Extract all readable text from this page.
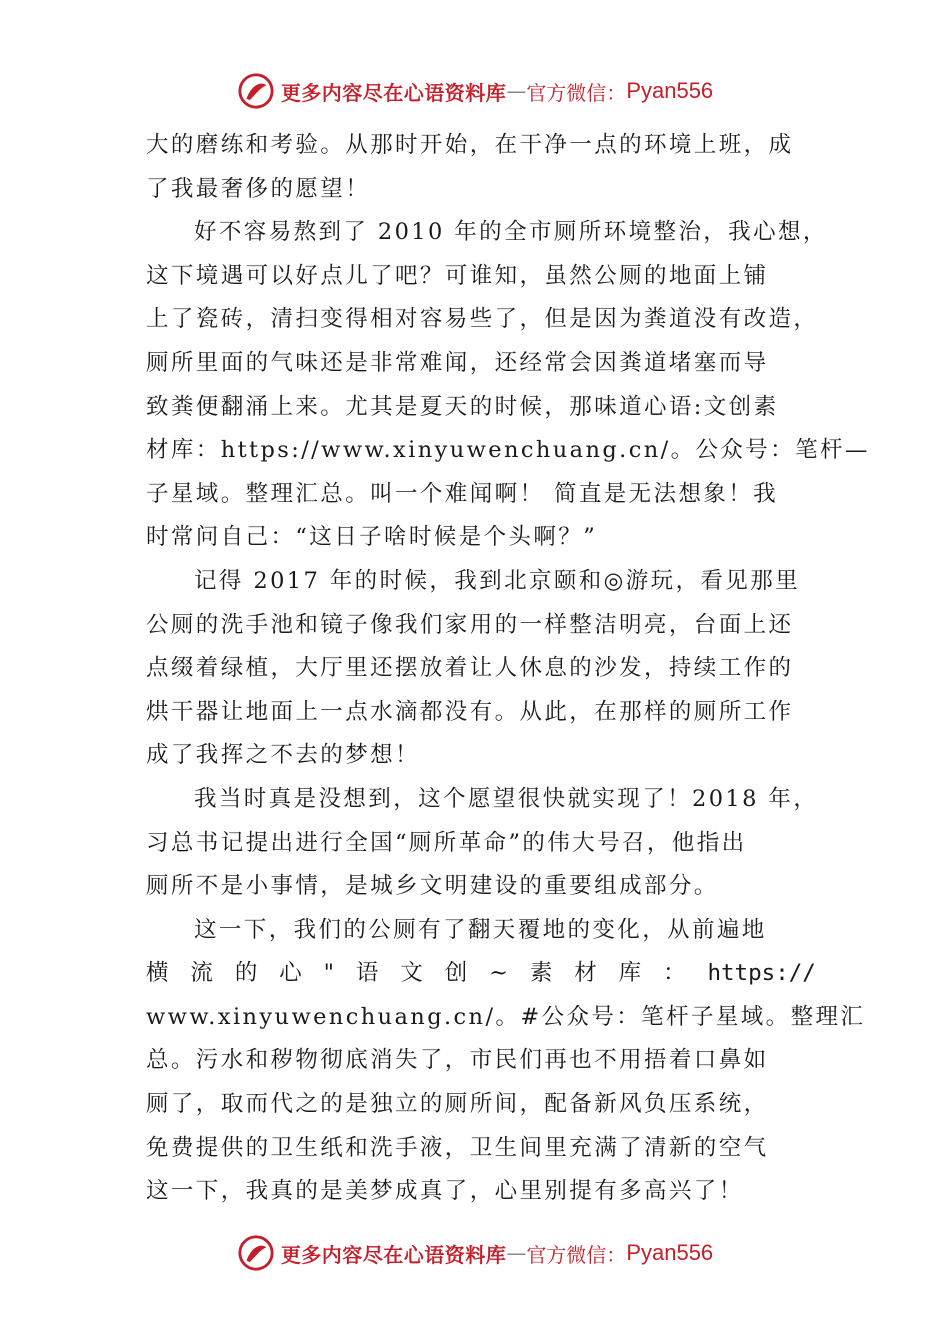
更多内容尽在心语资料库 — 官方微信： Pyan556
大的磨练和考验。从那时开始，在干净一点的环境上班，成
了我最奢侈的愿望！
好不容易熬到了 2010 年的全市厕所环境整治，我心想，
这下境遇可以好点儿了吧？可谁知，虽然公厕的地面上铺
上了瓷砖，清扫变得相对容易些了，但是因为粪道没有改造，
厕所里面的气味还是非常难闻，还经常会因粪道堵塞而导
致粪便翻涌上来。尤其是夏天的时候，那味道心语:文创素
材库：https://www.xinyuwenchuang.cn/。公众号：笔杆—
子星域。整理汇总。叫一个难闻啊！ 简直是无法想象！我
时常问自己：“这日子啥时候是个头啊？”
记得 2017 年的时候，我到北京颐和◎游玩，看见那里
公厕的洗手池和镜子像我们家用的一样整洁明亮，台面上还
点缀着绿植，大厅里还摆放着让人休息的沙发，持续工作的
烘干器让地面上一点水滴都没有。从此，在那样的厕所工作
成了我挥之不去的梦想！
我当时真是没想到，这个愿望很快就实现了！2018 年，
习总书记提出进行全国“厕所革命”的伟大号召，他指出
厕所不是小事情，是城乡文明建设的重要组成部分。
这一下，我们的公厕有了翻天覆地的变化，从前遍地
横 流 的 心 " 语 文 创 ~ 素 材 库 ： https://
www.xinyuwenchuang.cn/。#公众号：笔杆子星域。整理汇
总。污水和秽物彻底消失了，市民们再也不用捂着口鼻如
厕了，取而代之的是独立的厕所间，配备新风负压系统，
免费提供的卫生纸和洗手液，卫生间里充满了清新的空气
这一下，我真的是美梦成真了，心里别提有多高兴了！
更多内容尽在心语资料库 — 官方微信： Pyan556
